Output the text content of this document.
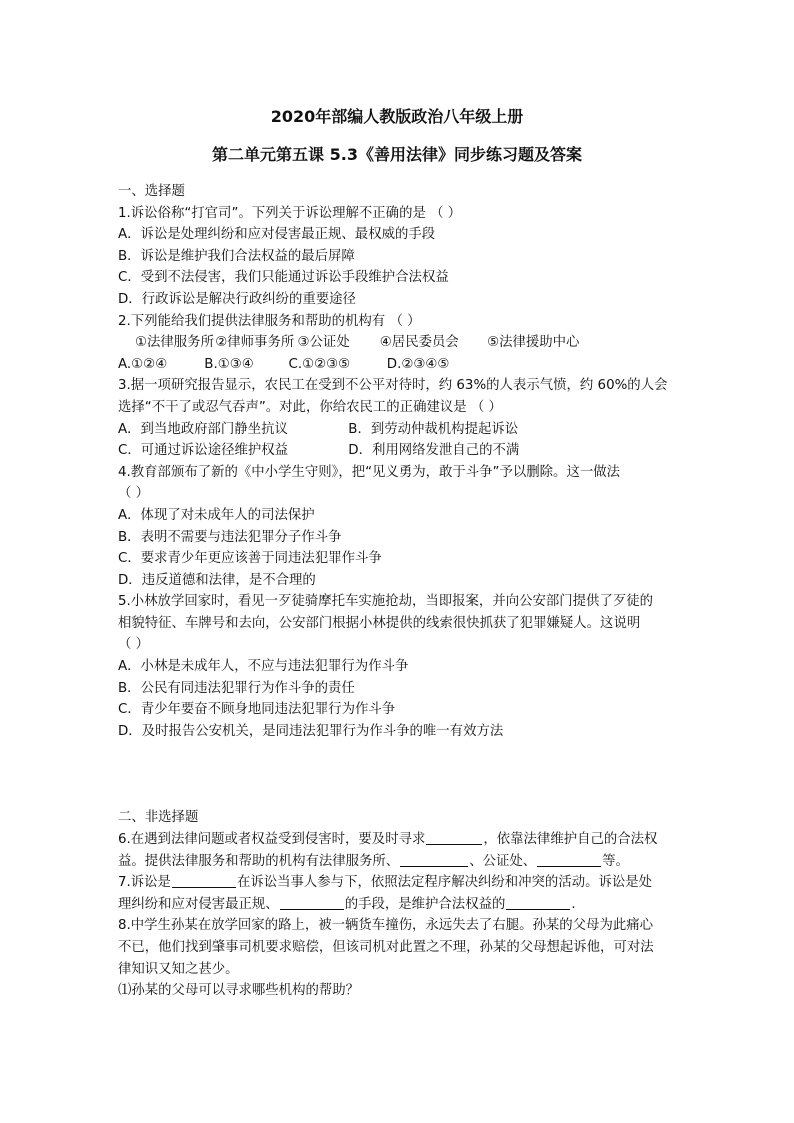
2020年部编人教版政治八年级上册
第二单元第五课 5.3《善用法律》同步练习题及答案
一、选择题
1.诉讼俗称“打官司”。下列关于诉讼理解不正确的是 （ ）
A．诉讼是处理纠纷和应对侵害最正规、最权威的手段
B．诉讼是维护我们合法权益的最后屏障
C．受到不法侵害，我们只能通过诉讼手段维护合法权益
D．行政诉讼是解决行政纠纷的重要途径
2.下列能给我们提供法律服务和帮助的机构有 （ ）
①法律服务所 ②律师事务所 ③公证处 ④居民委员会 ⑤法律援助中心
A.①②④	B.①③④	C.①②③⑤	D.②③④⑤
3.据一项研究报告显示，农民工在受到不公平对待时，约 63%的人表示气愤，约 60%的人会
选择“不干了或忍气吞声”。对此，你给农民工的正确建议是 （ ）
A．到当地政府部门静坐抗议	B．到劳动仲裁机构提起诉讼
C．可通过诉讼途径维护权益	D．利用网络发泄自己的不满
4.教育部颁布了新的《中小学生守则》，把“见义勇为，敢于斗争”予以删除。这一做法
（ ）
A．体现了对未成年人的司法保护
B．表明不需要与违法犯罪分子作斗争
C．要求青少年更应该善于同违法犯罪作斗争
D．违反道德和法律，是不合理的
5.小林放学回家时，看见一歹徒骑摩托车实施抢劫，当即报案，并向公安部门提供了歹徒的
相貌特征、车牌号和去向，公安部门根据小林提供的线索很快抓获了犯罪嫌疑人。这说明
（ ）
A．小林是未成年人，不应与违法犯罪行为作斗争
B．公民有同违法犯罪行为作斗争的责任
C．青少年要奋不顾身地同违法犯罪行为作斗争
D．及时报告公安机关，是同违法犯罪行为作斗争的唯一有效方法
二、非选择题
6.在遇到法律问题或者权益受到侵害时，要及时寻求	，依靠法律维护自己的合法权
益。提供法律服务和帮助的机构有法律服务所、	、公证处、	等。
7.诉讼是	在诉讼当事人参与下，依照法定程序解决纠纷和冲突的活动。诉讼是处
理纠纷和应对侵害最正规、	的手段，是维护合法权益的	.
8.中学生孙某在放学回家的路上，被一辆货车撞伤，永远失去了右腿。孙某的父母为此痛心
不已，他们找到肇事司机要求赔偿，但该司机对此置之不理，孙某的父母想起诉他，可对法
律知识又知之甚少。
⑴孙某的父母可以寻求哪些机构的帮助？
